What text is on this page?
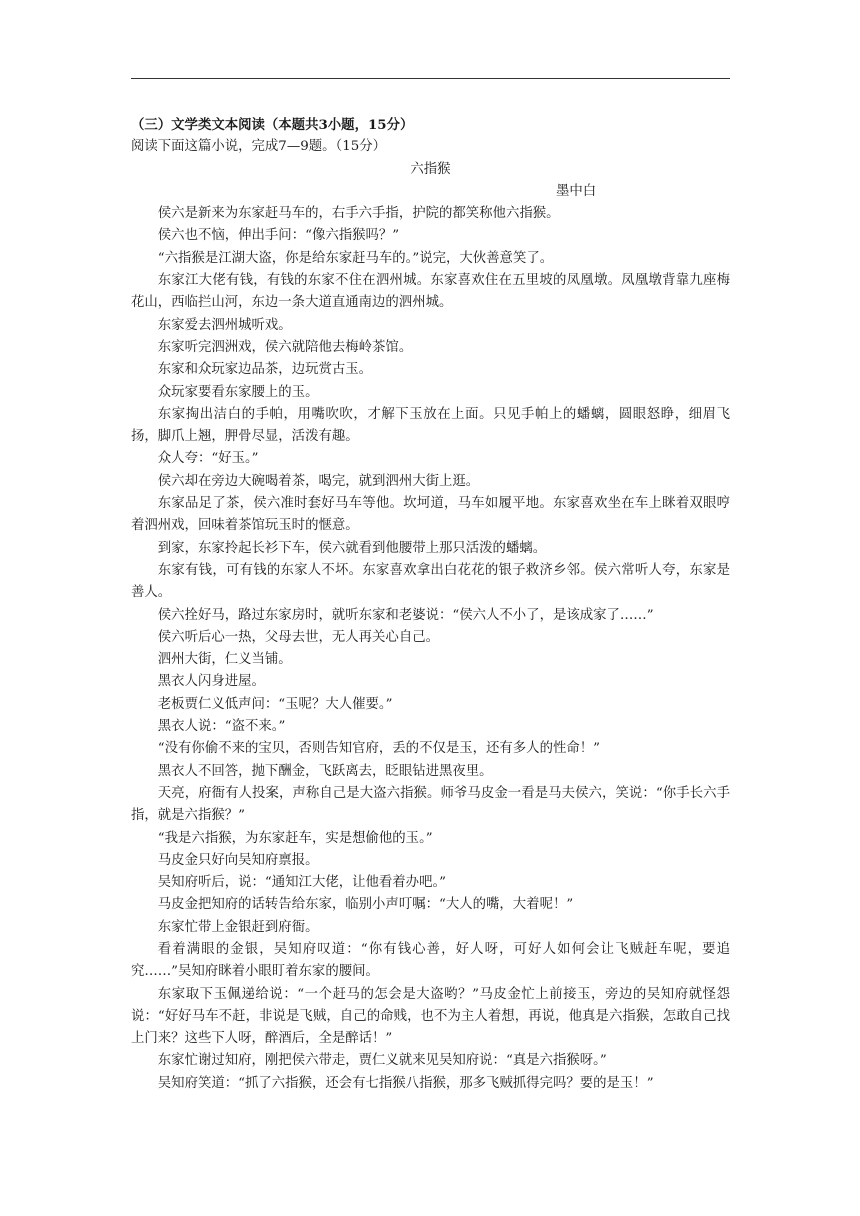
（三）文学类文本阅读（本题共3小题，15分）

阅读下面这篇小说，完成7—9题。（15分）

六指猴

墨中白

侯六是新来为东家赶马车的，右手六手指，护院的都笑称他六指猴。

侯六也不恼，伸出手问：“像六指猴吗？”

“六指猴是江湖大盗，你是给东家赶马车的。”说完，大伙善意笑了。

东家江大佬有钱，有钱的东家不住在泗州城。东家喜欢住在五里坡的凤凰墩。凤凰墩背靠九座梅花山，西临拦山河，东边一条大道直通南边的泗州城。

东家爱去泗州城听戏。

东家听完泗洲戏，侯六就陪他去梅岭茶馆。

东家和众玩家边品茶，边玩赏古玉。

众玩家要看东家腰上的玉。

东家掏出洁白的手帕，用嘴吹吹，才解下玉放在上面。只见手帕上的蟠螭，圆眼怒睁，细眉飞扬，脚爪上翘，胛骨尽显，活泼有趣。

众人夸：“好玉。”

侯六却在旁边大碗喝着茶，喝完，就到泗州大街上逛。

东家品足了茶，侯六准时套好马车等他。坎坷道，马车如履平地。东家喜欢坐在车上眯着双眼哼着泗州戏，回味着茶馆玩玉时的惬意。

到家，东家拎起长衫下车，侯六就看到他腰带上那只活泼的蟠螭。

东家有钱，可有钱的东家人不坏。东家喜欢拿出白花花的银子救济乡邻。侯六常听人夸，东家是善人。

侯六拴好马，路过东家房时，就听东家和老婆说：“侯六人不小了，是该成家了……”

侯六听后心一热，父母去世，无人再关心自己。

泗州大街，仁义当铺。

黑衣人闪身进屋。

老板贾仁义低声问：“玉呢？大人催要。”

黑衣人说：“盗不来。”

“没有你偷不来的宝贝，否则告知官府，丢的不仅是玉，还有多人的性命！”

黑衣人不回答，抛下酬金，飞跃离去，眨眼钻进黑夜里。

天亮，府衙有人投案，声称自己是大盗六指猴。师爷马皮金一看是马夫侯六，笑说：“你手长六手指，就是六指猴？”

“我是六指猴，为东家赶车，实是想偷他的玉。”

马皮金只好向吴知府禀报。

吴知府听后，说：“通知江大佬，让他看着办吧。”

马皮金把知府的话转告给东家，临别小声叮嘱：“大人的嘴，大着呢！”

东家忙带上金银赶到府衙。

看着满眼的金银，吴知府叹道：“你有钱心善，好人呀，可好人如何会让飞贼赶车呢，要追究……”吴知府眯着小眼盯着东家的腰间。

东家取下玉佩递给说：“一个赶马的怎会是大盗哟？”马皮金忙上前接玉，旁边的吴知府就怪怨说：“好好马车不赶，非说是飞贼，自己的命贱，也不为主人着想，再说，他真是六指猴，怎敢自己找上门来？这些下人呀，醉酒后，全是醉话！”

东家忙谢过知府，刚把侯六带走，贾仁义就来见吴知府说：“真是六指猴呀。”

吴知府笑道：“抓了六指猴，还会有七指猴八指猴，那多飞贼抓得完吗？要的是玉！”
